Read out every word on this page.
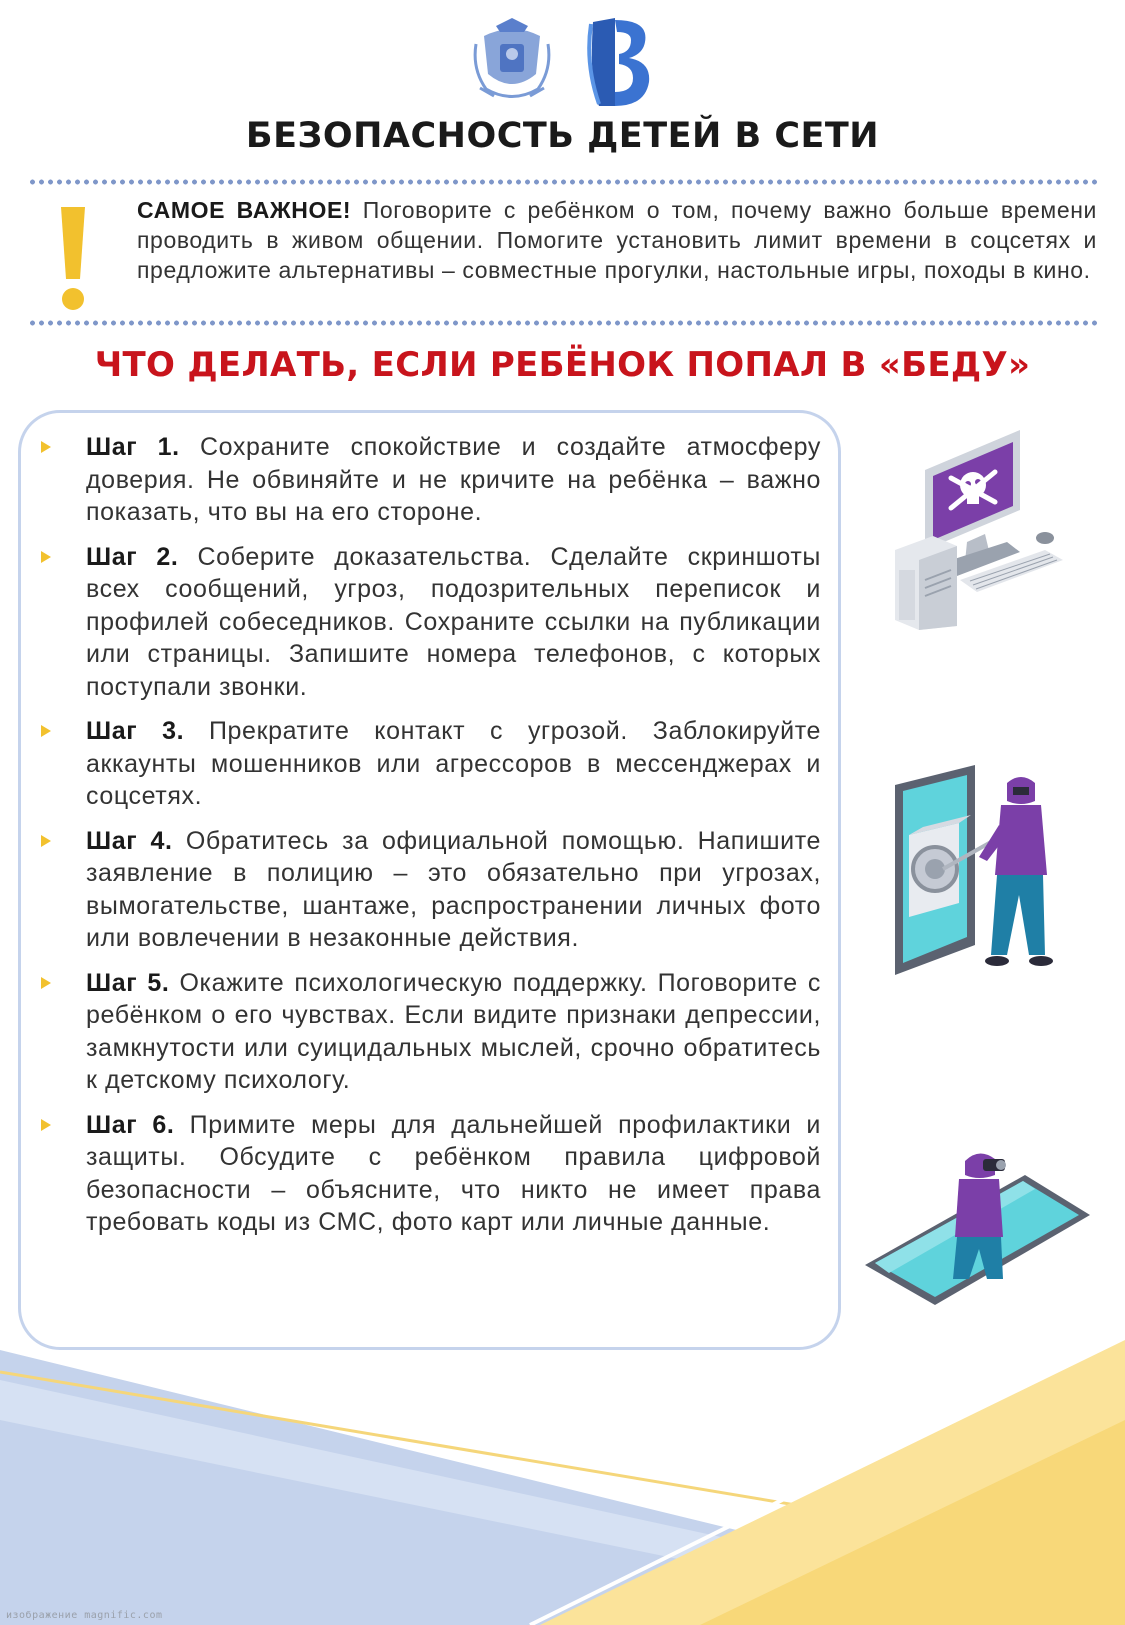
БЕЗОПАСНОСТЬ ДЕТЕЙ В СЕТИ

САМОЕ ВАЖНОЕ! Поговорите с ребёнком о том, почему важно больше времени проводить в живом общении. Помогите установить лимит времени в соцсетях и предложите альтернативы – совместные прогулки, настольные игры, походы в кино.

ЧТО ДЕЛАТЬ, ЕСЛИ РЕБЁНОК ПОПАЛ В «БЕДУ»
Шаг 1. Сохраните спокойствие и создайте атмосферу доверия. Не обвиняйте и не кричите на ребёнка – важно показать, что вы на его стороне.
Шаг 2. Соберите доказательства. Сделайте скриншоты всех сообщений, угроз, подозрительных переписок и профилей собеседников. Сохраните ссылки на публикации или страницы. Запишите номера телефонов, с которых поступали звонки.
Шаг 3. Прекратите контакт с угрозой. Заблокируйте аккаунты мошенников или агрессоров в мессенджерах и соцсетях.
Шаг 4. Обратитесь за официальной помощью. Напишите заявление в полицию – это обязательно при угрозах, вымогательстве, шантаже, распространении личных фото или вовлечении в незаконные действия.
Шаг 5. Окажите психологическую поддержку. Поговорите с ребёнком о его чувствах. Если видите признаки депрессии, замкнутости или суицидальных мыслей, срочно обратитесь к детскому психологу.
Шаг 6. Примите меры для дальнейшей профилактики и защиты. Обсудите с ребёнком правила цифровой безопасности – объясните, что никто не имеет права требовать коды из СМС, фото карт или личные данные.
изображение magnific.com
